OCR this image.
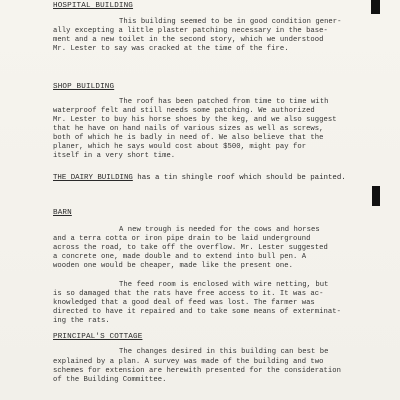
HOSPITAL BUILDING
This building seemed to be in good condition gener-
ally excepting a little plaster patching necessary in the base-
ment and a new toilet in the second story, which we understood
Mr. Lester to say was cracked at the time of the fire.
SHOP BUILDING
The roof has been patched from time to time with
waterproof felt and still needs some patching. We authorized
Mr. Lester to buy his horse shoes by the keg, and we also suggest
that he have on hand nails of various sizes as well as screws,
both of which he is badly in need of. We also believe that the
planer, which he says would cost about $500, might pay for
itself in a very short time.
THE DAIRY BUILDING has a tin shingle roof which should be painted.
BARN
A new trough is needed for the cows and horses
and a terra cotta or iron pipe drain to be laid underground
across the road, to take off the overflow. Mr. Lester suggested
a concrete one, made double and to extend into bull pen. A
wooden one would be cheaper, made like the present one.
The feed room is enclosed with wire netting, but
is so damaged that the rats have free access to it. It was ac-
knowledged that a good deal of feed was lost. The farmer was
directed to have it repaired and to take some means of exterminat-
ing the rats.
PRINCIPAL'S COTTAGE
The changes desired in this building can best be
explained by a plan. A survey was made of the building and two
schemes for extension are herewith presented for the consideration
of the Building Committee.
